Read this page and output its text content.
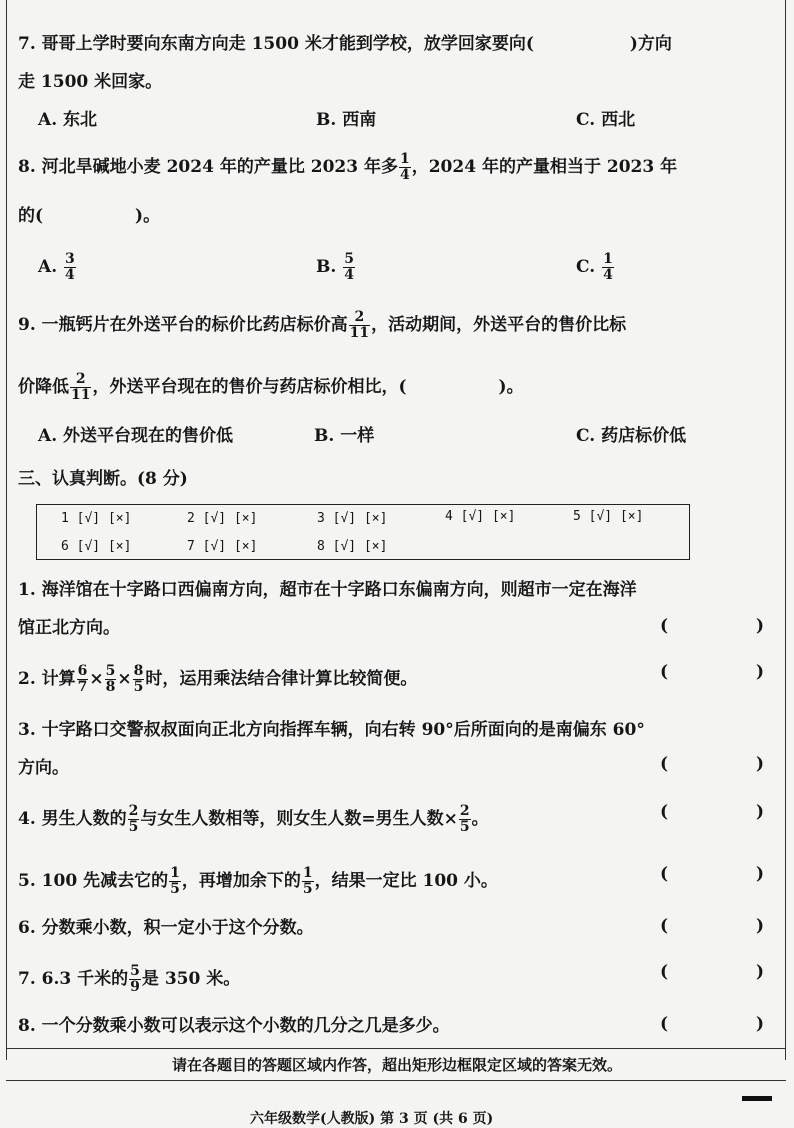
7. 哥哥上学时要向东南方向走 1500 米才能到学校，放学回家要向(	)方向
走 1500 米回家。
A. 东北	B. 西南	C. 西北
8. 河北旱碱地小麦 2024 年的产量比 2023 年多 $\frac{1}{4}$ ，2024 年的产量相当于 2023 年
的(	)。
A. $\frac{3}{4}$	B. $\frac{5}{4}$	C. $\frac{1}{4}$
9. 一瓶钙片在外送平台的标价比药店标价高 $\frac{2}{11}$ ，活动期间，外送平台的售价比标
价降低 $\frac{2}{11}$ ，外送平台现在的售价与药店标价相比，(	)。
A. 外送平台现在的售价低	B. 一样	C. 药店标价低
三、认真判断。(8 分)
1 [√] [×]	2 [√] [×]	3 [√] [×]	4 [√] [×]	5 [√] [×]
6 [√] [×]	7 [√] [×]	8 [√] [×]
1. 海洋馆在十字路口西偏南方向，超市在十字路口东偏南方向，则超市一定在海洋
馆正北方向。	(	)
2. 计算 $\frac{6}{7} \times \frac{5}{8} \times \frac{8}{5}$ 时，运用乘法结合律计算比较简便。	(	)
3. 十字路口交警叔叔面向正北方向指挥车辆，向右转 90°后所面向的是南偏东 60°
方向。	(	)
4. 男生人数的 $\frac{2}{5}$ 与女生人数相等，则女生人数=男生人数× $\frac{2}{5}$ 。	(	)
5. 100 先减去它的 $\frac{1}{5}$ ，再增加余下的 $\frac{1}{5}$ ，结果一定比 100 小。	(	)
6. 分数乘小数，积一定小于这个分数。	(	)
7. 6.3 千米的 $\frac{5}{9}$ 是 350 米。	(	)
8. 一个分数乘小数可以表示这个小数的几分之几是多少。	(	)
请在各题目的答题区域内作答，超出矩形边框限定区域的答案无效。
六年级数学(人教版) 第 3 页 (共 6 页)
